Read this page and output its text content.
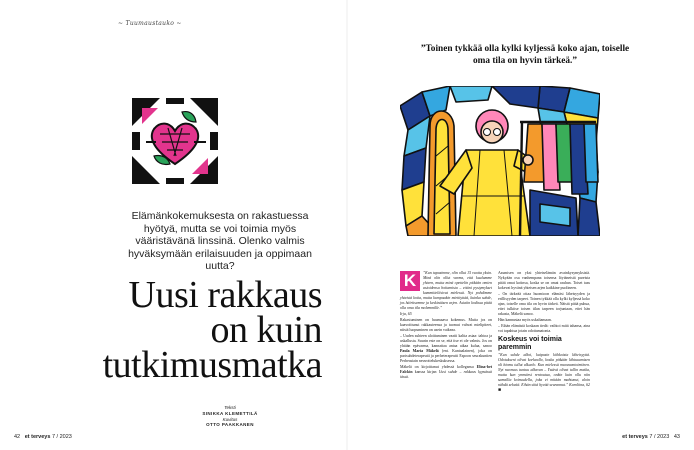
~ Tuumaustauko ~
Elämänkokemuksesta on rakastuessa hyötyä, mutta se voi toimia myös vääristävänä linssinä. Olenko valmis hyväksymään erilaisuuden ja oppimaan uutta?
Uusi rakkaus
on kuin
tutkimusmatka
Teksti
SINIKKA KLEMETTILÄ
Kuvitus
OTTO PAAKKANEN
42 et terveys 7 / 2023
”Toinen tykkää olla kylki kyljessä koko ajan, toiselle oma tila on hyvin tärkeä.”
K	”Kun tapasimme, olin ollut 15 vuotta yksin. Minä olin ollut varma, että kuulumme yhteen, mutta minä opettelin pitkään omien asioidensa hoitamista – ettäni pystymykset kammitteliisivat mielessä. Nyt pohdimme yhteistä kotia, mutta kumpaakin mietityttää, kuinka suhde, jos häiritsemme ja keskinäisen arjen. Asiaiin kodissa pitää olla oma tila molemmille.”

Irja, 65

Rakastuminen on huumaava kokemus. Mutta jos on kaavoittunut rakkauteensa ja tuomut vahvat mielipiteet, niistä luopuminen on usein vaikeaa.

– Uuden suhteen aloittaminen vaatii kaltta asiaa: tahtoa ja uskallusta. Suurin este on se, että itse ei ole valmis. Jos on yhtään epävarma, kannattaa antaa aikaa kulua, sanoo Paula Maria Mäkelä (ent. Kuntaalainen), joka on parisuhdeterapeutti ja perheterapeutti Espoon seurakuntien Perheasiain neuvottelukeskuksessa.

Mäkelä on kirjoittanut yhdessä kollegansa Elina-bet Falckin kanssa kirjan Uusi suhde – rakkaus kypsässä iässä.

Asumisen on yksi yhteiselämän avainkysymyksistä. Nykyään osa vanhempana toisensa löytäneistä pareista pitää omat kotinsa, koska se on omat rauhan. Toiset taas kokevat hyvänä yhteisen arjen kaikkine puolineen.

– On tärkeää ottaa huomioon elämäsi läheisyyden ja erillisyyden tarpeet. Toinen tykkää olla kylki kyljessä koko ajan, toiselle oma tila on hyvin tärkeä. Näistä pitää puhua, ettei tulkitse toisen tilan tarpeen torjuntaan, ettei hän rakasta, Mäkelä sanoo.

Hän kannustaa myös uskaltamaan.

– Eihän elämästä koskaan tiedä: vaihtoi mitä tahansa, aina voi tapahtua jotain odottamatonta.

Koskeus voi toimia paremmin

”Kun suhde alkoi, kaipasin kiihkoisia läheisyyttä. Odotukseni olivat korkealla, koska pitkään lähtuuamisen oli hiomu tullut alkuelo. Kun mielessä muovaantoimiinen. Nyt nuoruus tuntuu alkavan – Ystävä olivat tullin matka, mutta kun ymmärsi rentoutua, onkin kuin ollu niin samallia koiruudella, joka ei mitään mahtunut, aloin nähdä sekvää. Eihän siitä hyvää seurannut.” Karoliina, 62 ■

et terveys 7 / 2023 43
